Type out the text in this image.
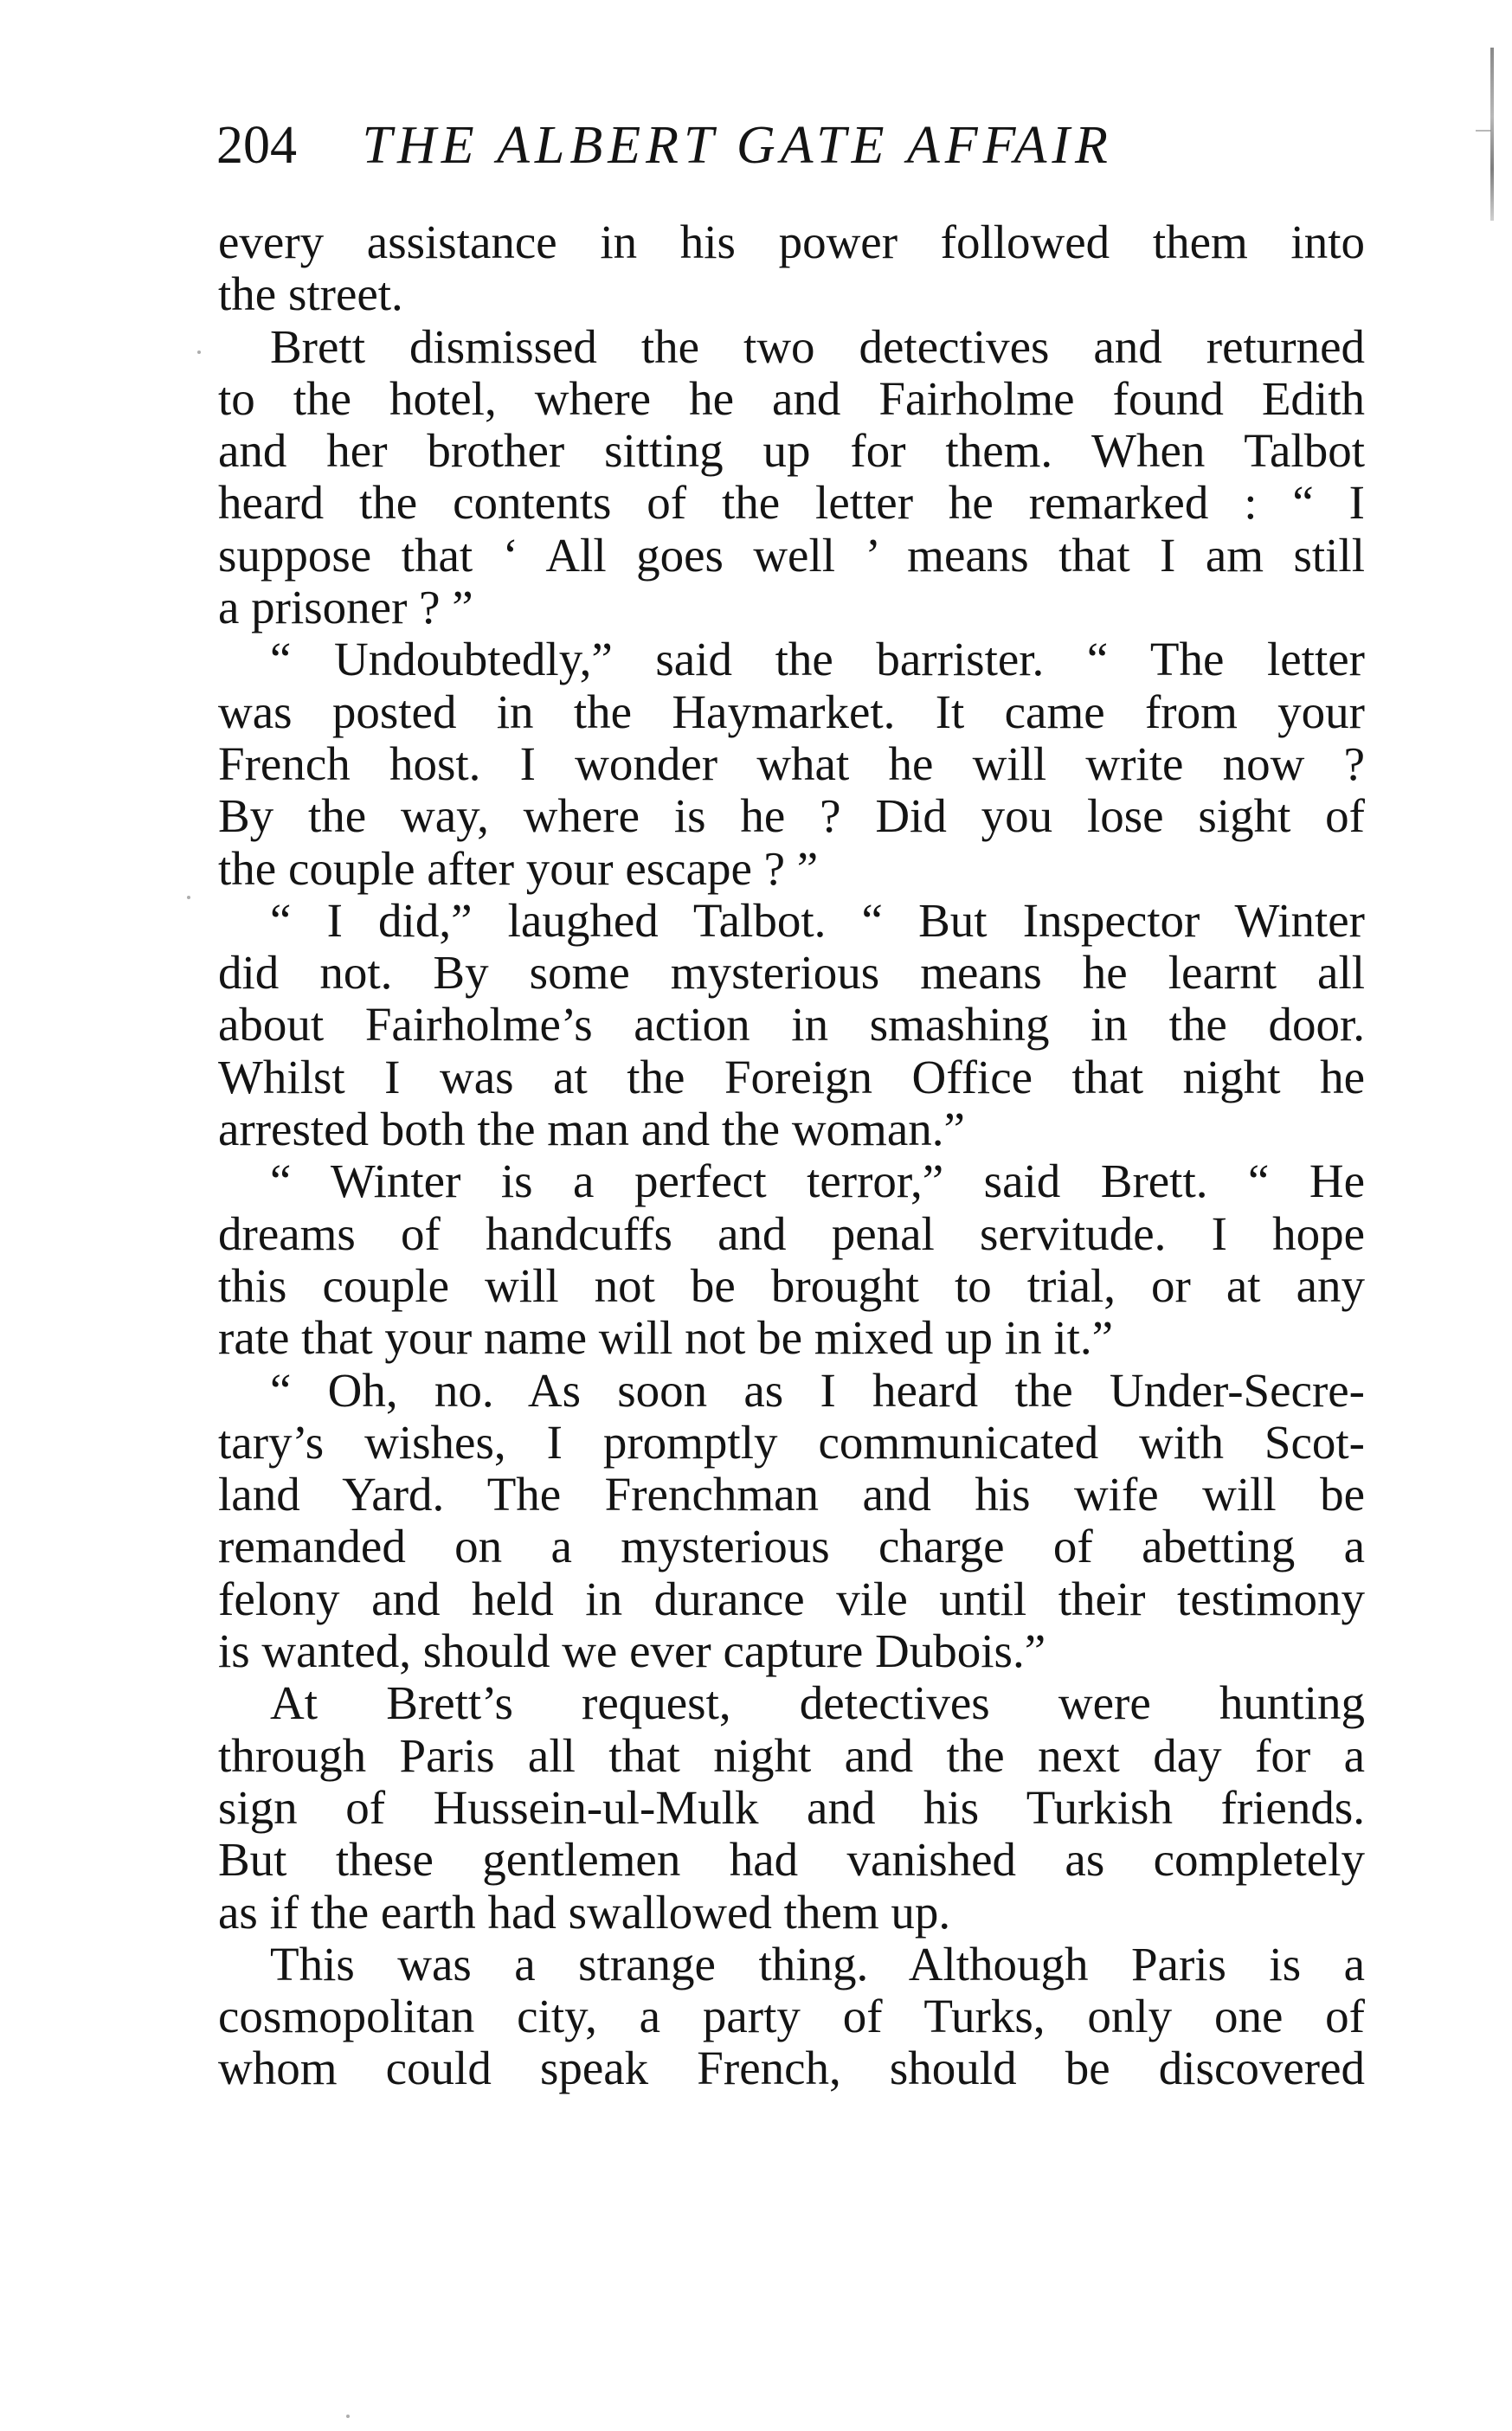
204 THE ALBERT GATE AFFAIR
every assistance in his power followed them into
the street.
Brett dismissed the two detectives and returned
to the hotel, where he and Fairholme found Edith
and her brother sitting up for them. When Talbot
heard the contents of the letter he remarked : “ I
suppose that ‘ All goes well ’ means that I am still
a prisoner ? ”
“ Undoubtedly,” said the barrister. “ The letter
was posted in the Haymarket. It came from your
French host. I wonder what he will write now ?
By the way, where is he ? Did you lose sight of
the couple after your escape ? ”
“ I did,” laughed Talbot. “ But Inspector Winter
did not. By some mysterious means he learnt all
about Fairholme’s action in smashing in the door.
Whilst I was at the Foreign Office that night he
arrested both the man and the woman.”
“ Winter is a perfect terror,” said Brett. “ He
dreams of handcuffs and penal servitude. I hope
this couple will not be brought to trial, or at any
rate that your name will not be mixed up in it.”
“ Oh, no. As soon as I heard the Under-Secre-
tary’s wishes, I promptly communicated with Scot-
land Yard. The Frenchman and his wife will be
remanded on a mysterious charge of abetting a
felony and held in durance vile until their testimony
is wanted, should we ever capture Dubois.”
At Brett’s request, detectives were hunting
through Paris all that night and the next day for a
sign of Hussein-ul-Mulk and his Turkish friends.
But these gentlemen had vanished as completely
as if the earth had swallowed them up.
This was a strange thing. Although Paris is a
cosmopolitan city, a party of Turks, only one of
whom could speak French, should be discovered
